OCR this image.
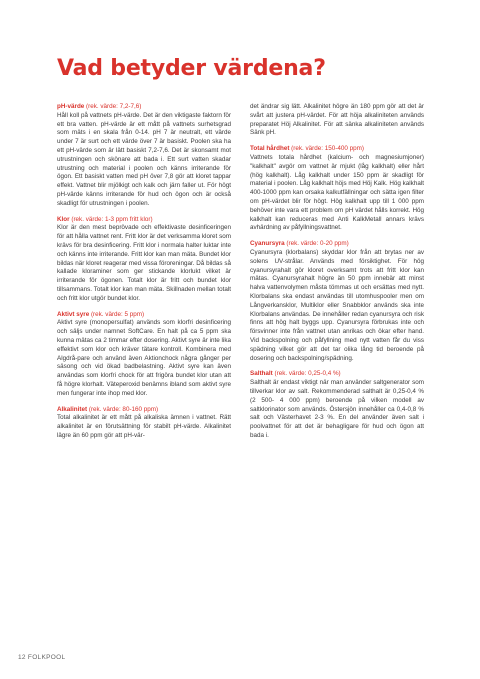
Vad betyder värdena?

pH-värde (rek. värde: 7,2-7,6)
Håll koll på vattnets pH-värde. Det är den viktigaste faktorn för ett bra vatten. pH-värde är ett mått på vattnets surhetsgrad som mäts i en skala från 0-14. pH 7 är neutralt, ett värde under 7 är surt och ett värde över 7 är basiskt. Poolen ska ha ett pH-värde som är lätt basiskt 7,2-7,6. Det är skonsamt mot utrustningen och skönare att bada i. Ett surt vatten skadar utrustning och material i poolen och känns irriterande för ögon. Ett basiskt vatten med pH över 7,8 gör att kloret tappar effekt. Vattnet blir mjölkigt och kalk och järn faller ut. För högt pH-värde känns irriterande för hud och ögon och är också skadligt för utrustningen i poolen.

Klor (rek. värde: 1-3 ppm fritt klor)
Klor är den mest beprövade och effektivaste desinficeringen för att hålla vattnet rent. Fritt klor är det verksamma kloret som krävs för bra desinficering. Fritt klor i normala halter luktar inte och känns inte irriterande. Fritt klor kan man mäta. Bundet klor bildas när kloret reagerar med vissa föroreningar. Då bildas så kallade kloraminer som ger stickande klorlukt vilket är irriterande för ögonen. Totalt klor är fritt och bundet klor tillsammans. Totalt klor kan man mäta. Skillnaden mellan totalt och fritt klor utgör bundet klor.

Aktivt syre (rek. värde: 5 ppm)
Aktivt syre (monopersulfat) används som klorfri desinficering och säljs under namnet SoftCare. En halt på ca 5 ppm ska kunna mätas ca 2 timmar efter dosering. Aktivt syre är inte lika effektivt som klor och kräver tätare kontroll. Kombinera med Algdrå-pare och använd även Aktionchock några gånger per säsong och vid ökad badbelastning. Aktivt syre kan även användas som klorfri chock för att frigöra bundet klor utan att få högre klorhalt. Väteperoxid benämns ibland som aktivt syre men fungerar inte ihop med klor.

Alkalinitet (rek. värde: 80-160 ppm)
Total alkalinitet är ett mått på alkaliska ämnen i vattnet. Rätt alkalinitet är en förutsättning för stabilt pH-värde. Alkalinitet lägre än 60 ppm gör att pH-vär-

det ändrar sig lätt. Alkalinitet högre än 180 ppm gör att det är svårt att justera pH-värdet. För att höja alkaliniteten används preparatet Höj Alkalinitet. För att sänka alkaliniteten används Sänk pH.

Total hårdhet (rek. värde: 150-400 ppm)
Vattnets totala hårdhet (kalcium- och magnesiumjoner) "kalkhalt" avgör om vattnet är mjukt (låg kalkhalt) eller hårt (hög kalkhalt). Låg kalkhalt under 150 ppm är skadligt för material i poolen. Låg kalkhalt höjs med Höj Kalk. Hög kalkhalt 400-1000 ppm kan orsaka kalkutfällningar och sätta igen filter om pH-värdet blir för högt. Hög kalkhalt upp till 1 000 ppm behöver inte vara ett problem om pH värdet hålls korrekt. Hög kalkhalt kan reduceras med Anti KalkMetall annars krävs avhärdning av påfyllningsvattnet.

Cyanursyra (rek. värde: 0-20 ppm)
Cyanursyra (klorbalans) skyddar klor från att brytas ner av solens UV-strålar. Används med försiktighet. För hög cyanursyrahalt gör kloret overksamt trots att fritt klor kan mätas. Cyanursyrahalt högre än 50 ppm innebär att minst halva vattenvolymen måsta tömmas ut och ersättas med nytt. Klorbalans ska endast användas till utomhuspooler men om Långverkansklor, Multiklor eller Snabbklor används ska inte Klorbalans användas. De innehåller redan cyanursyra och risk finns att hög halt byggs upp. Cyanursyra förbrukas inte och försvinner inte från vattnet utan anrikas och ökar efter hand. Vid backspolning och påfyllning med nytt vatten får du viss spädning vilket gör att det tar olika lång tid beroende på dosering och backspolning/spädning.

Salthalt (rek. värde: 0,25-0,4 %)
Salthalt är endast viktigt när man använder saltgenerator som tillverkar klor av salt. Rekommenderad salthalt är 0,25-0,4 % (2 500- 4 000 ppm) beroende på vilken modell av saltklorinator som används. Östersjön innehåller ca 0,4-0,8 % salt och Västerhavet 2-3 %. En del använder även salt i poolvattnet för att det är behagligare för hud och ögon att bada i.

12 FOLKPOOL
